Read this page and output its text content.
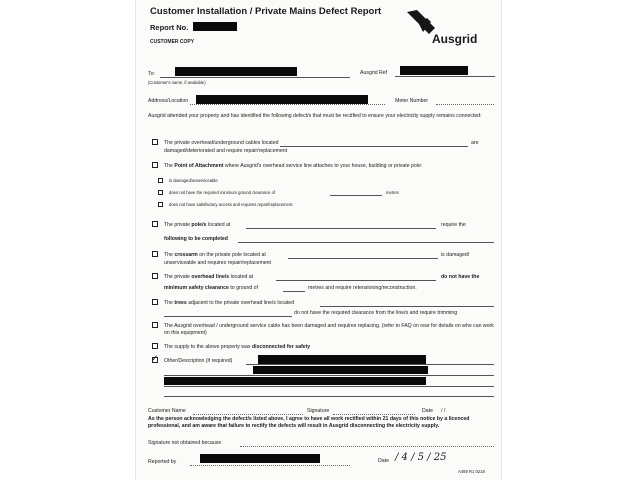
Customer Installation / Private Mains Defect Report
Report No.
CUSTOMER COPY	Ausgrid
To:
(Customer's name, if available)
Ausgrid Ref
Address/Location	Meter Number
Ausgrid attended your property and has identified the following defect/s that must be rectified to ensure your electricity supply remains connected:
The private overhead/underground cables located	are
damaged/deteriorated and require repair/replacement
The Point of Attachment where Ausgrid's overhead service line attaches to your house, building or private pole:
is damaged/unserviceable
does not have the required minimum ground clearance of	metres
does not have satisfactory access and requires repair/replacement.
The private pole/s located at	require the
following to be completed
The crossarm on the private pole located at	is damaged/
unserviceable and requires repair/replacement
The private overhead line/s located at	do not have the
minimum safety clearance to ground of	metres and require retensioning/reconstruction.
The trees adjacent to the private overhead line/s located
do not have the required clearance from the line/s and require trimming
The Ausgrid overhead / underground service cable has been damaged and requires replacing. (refer to FAQ on rear for details on who can work on this equipment)
The supply to the above property was disconnected for safety
✓ Other/Description (if required)
Customer Name	Signature	Date / /
As the person acknowledging the defect/s listed above, I agree to have all work rectified within 21 days of this notice by a licenced professional, and am aware that failure to rectify the defects will result in Ausgrid disconnecting the electricity supply.
Signature not obtained because
Reported by	Date / 4 / 5 / 25
A459 R1 0218
